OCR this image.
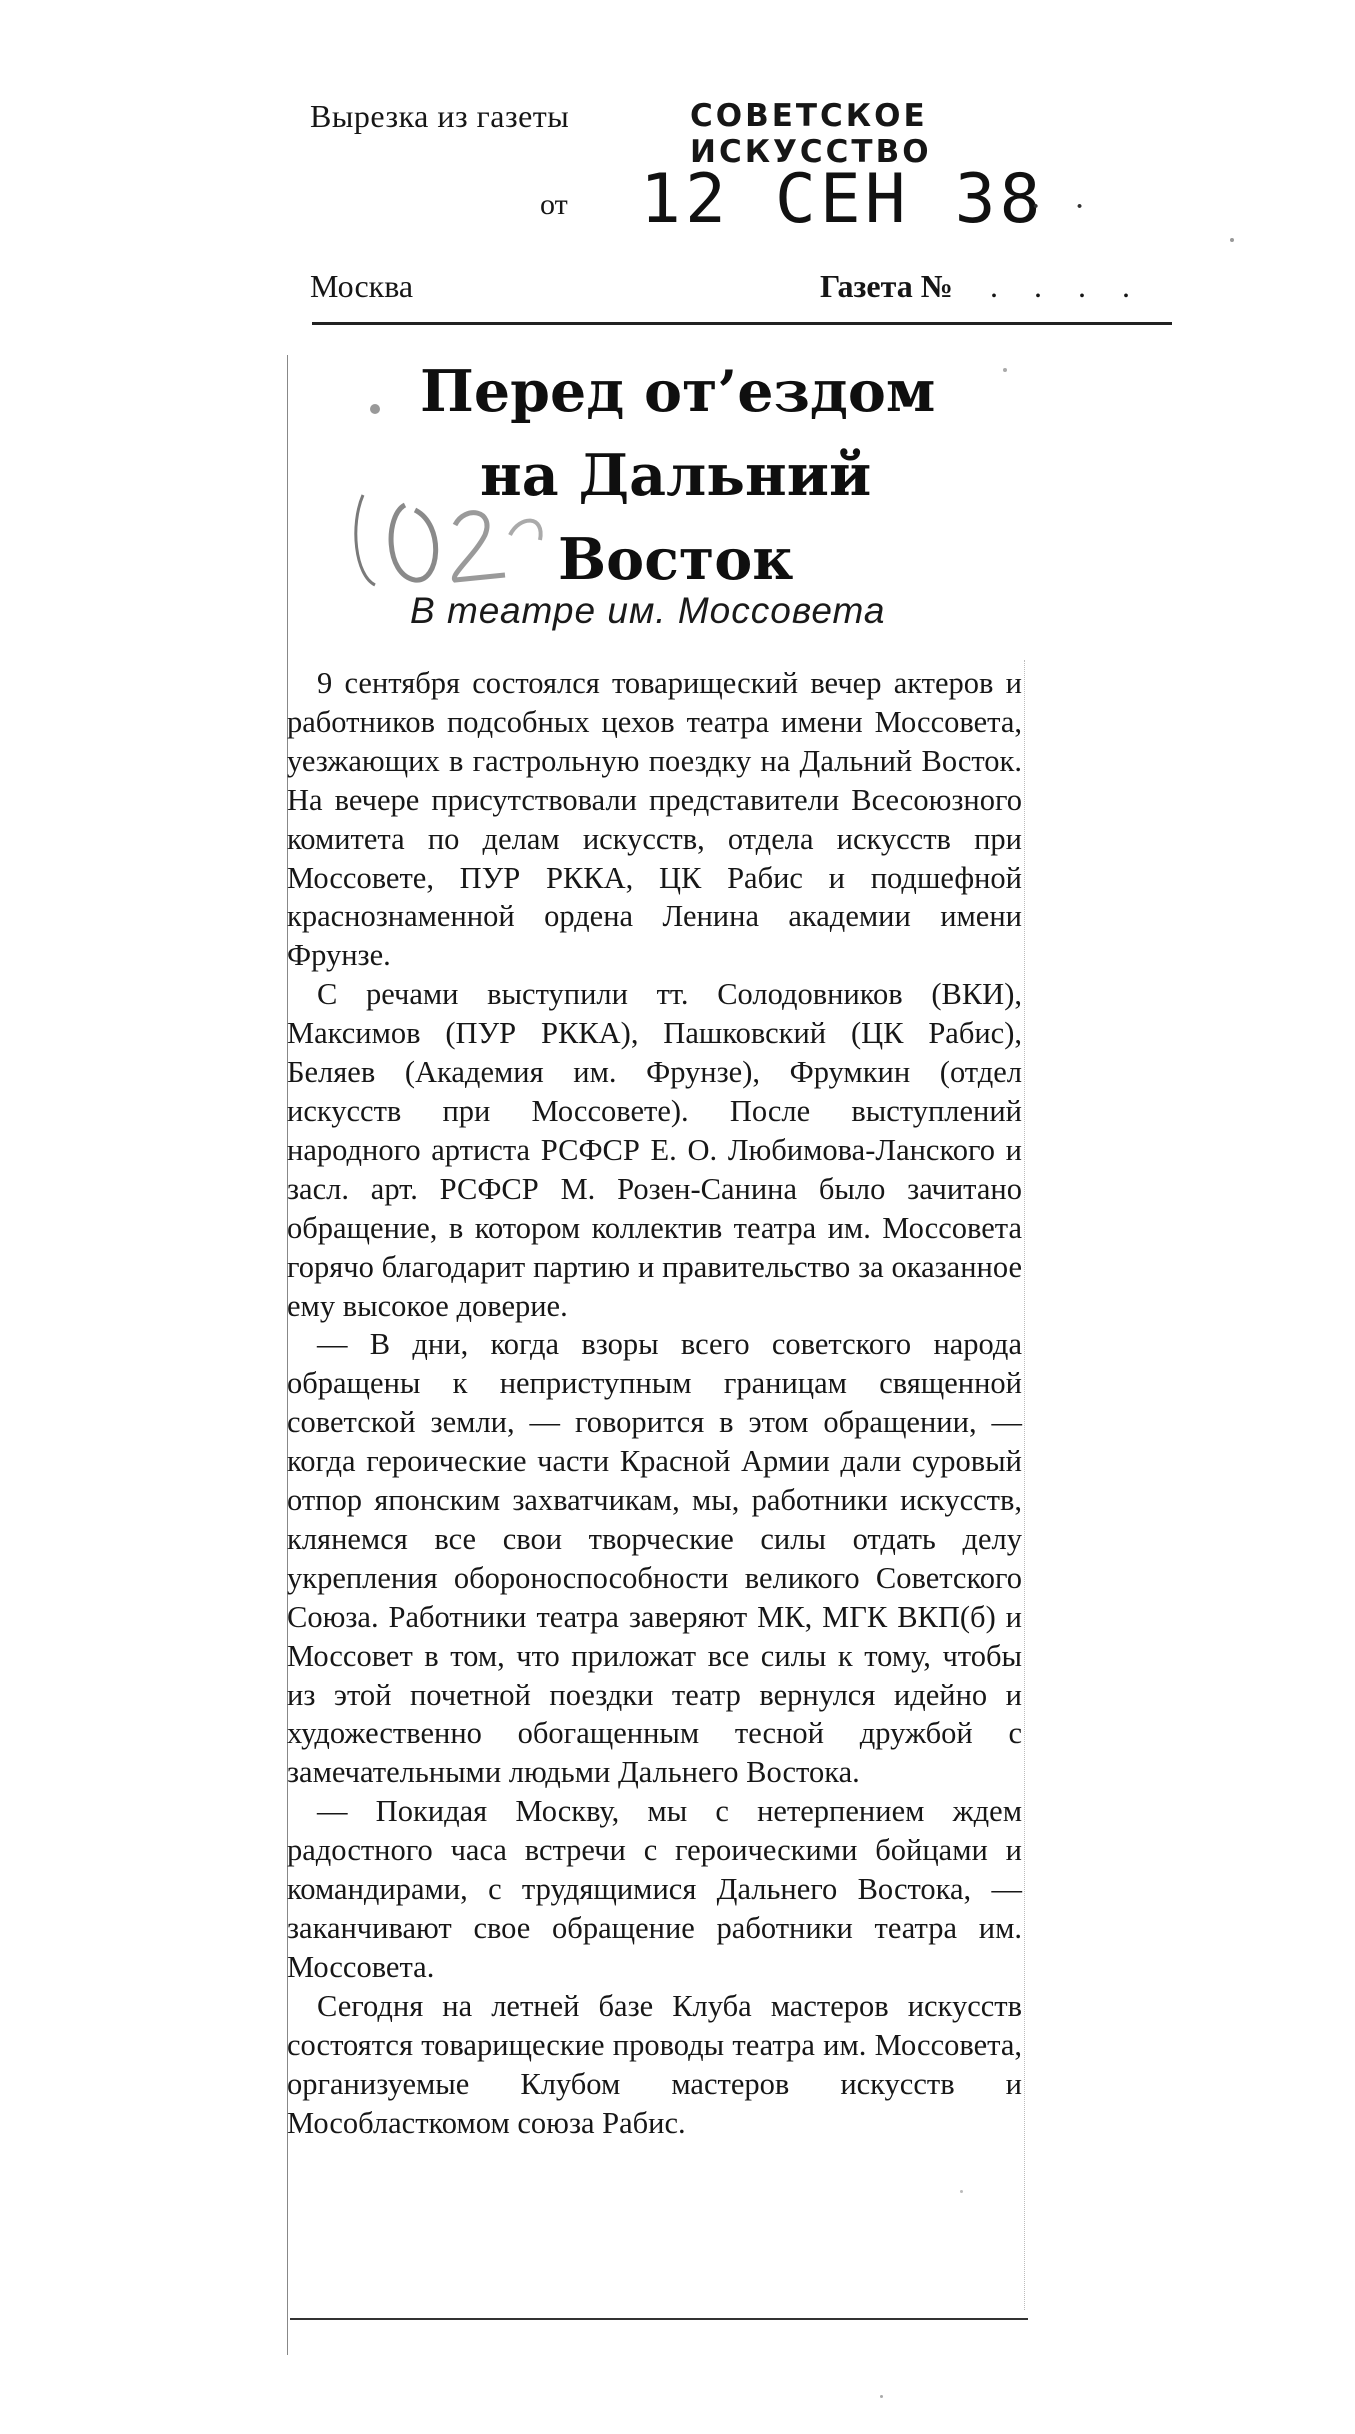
Вырезка из газеты	СОВЕТСКОЕ ИСКУССТВО
от 12 СЕН 38
· ·
Москва	Газета № . . . .
Перед от’ездом
на Дальний
Восток
В театре им. Моссовета

9 сентября состоялся товарищеский вечер актеров и работников подсобных цехов театра имени Моссовета, уезжающих в гастрольную поездку на Дальний Восток. На вечере присутствовали представители Всесоюзного комитета по делам искусств, отдела искусств при Моссовете, ПУР РККА, ЦК Рабис и подшефной краснознаменной ордена Ленина академии имени Фрунзе.

С речами выступили тт. Солодовников (ВКИ), Максимов (ПУР РККА), Пашковский (ЦК Рабис), Беляев (Академия им. Фрунзе), Фрумкин (отдел искусств при Моссовете). После выступлений народного артиста РСФСР Е. О. Любимова-Ланского и засл. арт. РСФСР М. Розен-Санина было зачитано обращение, в котором коллектив театра им. Моссовета горячо благодарит партию и правительство за оказанное ему высокое доверие.

— В дни, когда взоры всего советского народа обращены к неприступным границам священной советской земли, — говорится в этом обращении, — когда героические части Красной Армии дали суровый отпор японским захватчикам, мы, работники искусств, клянемся все свои творческие силы отдать делу укрепления обороноспособности великого Советского Союза. Работники театра заверяют МК, МГК ВКП(б) и Моссовет в том, что приложат все силы к тому, чтобы из этой почетной поездки театр вернулся идейно и художественно обогащенным тесной дружбой с замечательными людьми Дальнего Востока.

— Покидая Москву, мы с нетерпением ждем радостного часа встречи с героическими бойцами и командирами, с трудящимися Дальнего Востока, — заканчивают свое обращение работники театра им. Моссовета.

Сегодня на летней базе Клуба мастеров искусств состоятся товарищеские проводы театра им. Моссовета, организуемые Клубом мастеров искусств и Мособласткомом союза Рабис.
